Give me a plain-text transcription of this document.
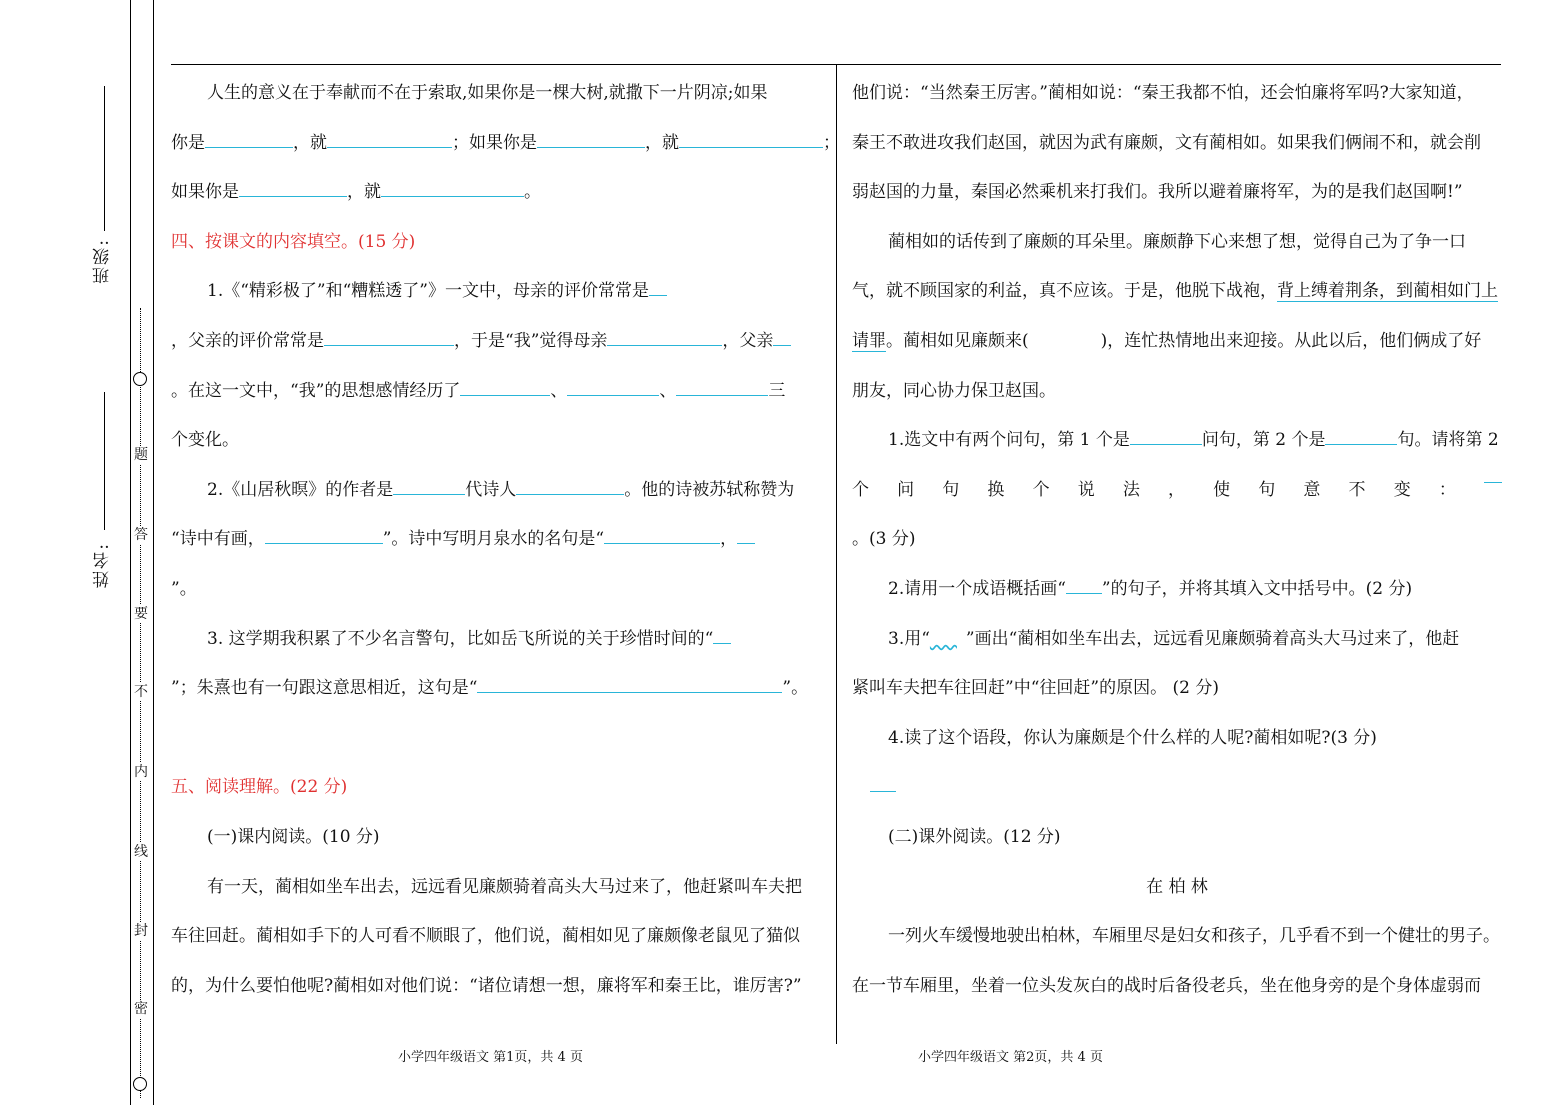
班级:
姓名:
题
答
要
不
内
线
封
密
人生的意义在于奉献而不在于索取,如果你是一棵大树,就撒下一片阴凉;如果
你是	，就	；如果你是	，就	；
如果你是	，就	。
四、按课文的内容填空。(15 分)
1.《“精彩极了”和“糟糕透了”》一文中，母亲的评价常常是
，父亲的评价常常是	，于是“我”觉得母亲	，父亲
。在这一文中，“我”的思想感情经历了	、	、	三
个变化。
2.《山居秋暝》的作者是	代诗人	。他的诗被苏轼称赞为
“诗中有画，	”。诗中写明月泉水的名句是“	，
”。
3. 这学期我积累了不少名言警句，比如岳飞所说的关于珍惜时间的“
”；朱熹也有一句跟这意思相近，这句是“	”。
五、阅读理解。(22 分)
(一)课内阅读。(10 分)
有一天，蔺相如坐车出去，远远看见廉颇骑着高头大马过来了，他赶紧叫车夫把
车往回赶。蔺相如手下的人可看不顺眼了，他们说，蔺相如见了廉颇像老鼠见了猫似
的，为什么要怕他呢?蔺相如对他们说：“诸位请想一想，廉将军和秦王比，谁厉害?”
他们说：“当然秦王厉害。”蔺相如说：“秦王我都不怕，还会怕廉将军吗?大家知道，
秦王不敢进攻我们赵国，就因为武有廉颇，文有蔺相如。如果我们俩闹不和，就会削
弱赵国的力量，秦国必然乘机来打我们。我所以避着廉将军，为的是我们赵国啊!”
蔺相如的话传到了廉颇的耳朵里。廉颇静下心来想了想，觉得自己为了争一口
气，就不顾国家的利益，真不应该。于是，他脱下战袍，背上缚着荆条，到蔺相如门上
请罪。蔺相如见廉颇来(	)，连忙热情地出来迎接。从此以后，他们俩成了好
朋友，同心协力保卫赵国。
1.选文中有两个问句，第 1 个是	问句，第 2 个是	句。请将第 2
个 问 句 换 个 说 法 ， 使 句 意 不 变 ：
。(3 分)
2.请用一个成语概括画“ ”的句子，并将其填入文中括号中。(2 分)
3.用“ ”画出“蔺相如坐车出去，远远看见廉颇骑着高头大马过来了，他赶
紧叫车夫把车往回赶”中“往回赶”的原因。 (2 分)
4.读了这个语段，你认为廉颇是个什么样的人呢?蔺相如呢?(3 分)
(二)课外阅读。(12 分)
在 柏 林
一列火车缓慢地驶出柏林，车厢里尽是妇女和孩子，几乎看不到一个健壮的男子。
在一节车厢里，坐着一位头发灰白的战时后备役老兵，坐在他身旁的是个身体虚弱而
小学四年级语文 第1页，共 4 页	小学四年级语文 第2页，共 4 页
